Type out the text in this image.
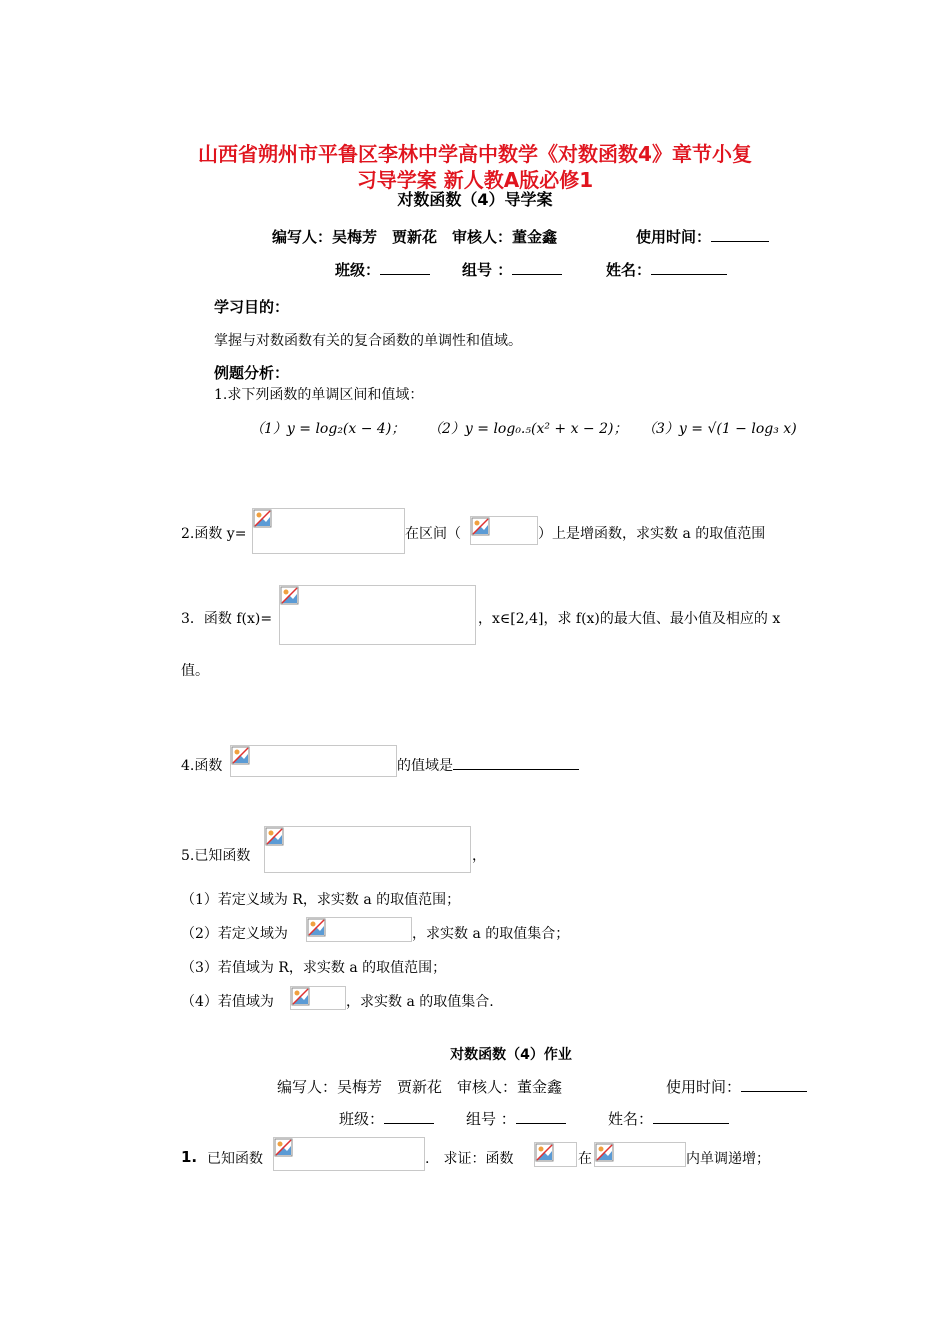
山西省朔州市平鲁区李林中学高中数学《对数函数4》章节小复
习导学案 新人教A版必修1
对数函数（4）导学案
编写人：吴梅芳　贾新花　审核人：董金鑫	使用时间：
班级：	组号 ：	姓名：
学习目的：
掌握与对数函数有关的复合函数的单调性和值域。
例题分析：
1.求下列函数的单调区间和值域：
（1）y = log₂(x − 4)； （2）y = log₀.₅(x² + x − 2)； （3）y = √(1 − log₃ x)
2.函数 y=	在区间（	）上是增函数，求实数 a 的取值范围
3．函数 f(x)=	，x∈[2,4]，求 f(x)的最大值、最小值及相应的 x
值。
4.函数	的值域是
5.已知函数	，
（1）若定义域为 R，求实数 a 的取值范围；
（2）若定义域为	，求实数 a 的取值集合；
（3）若值域为 R，求实数 a 的取值范围；
（4）若值域为	，求实数 a 的取值集合.
对数函数（4）作业
编写人：吴梅芳　贾新花　审核人：董金鑫	使用时间：
班级：	组号 ：	姓名：
1. 已知函数	.　求证：函数	在	内单调递增；
